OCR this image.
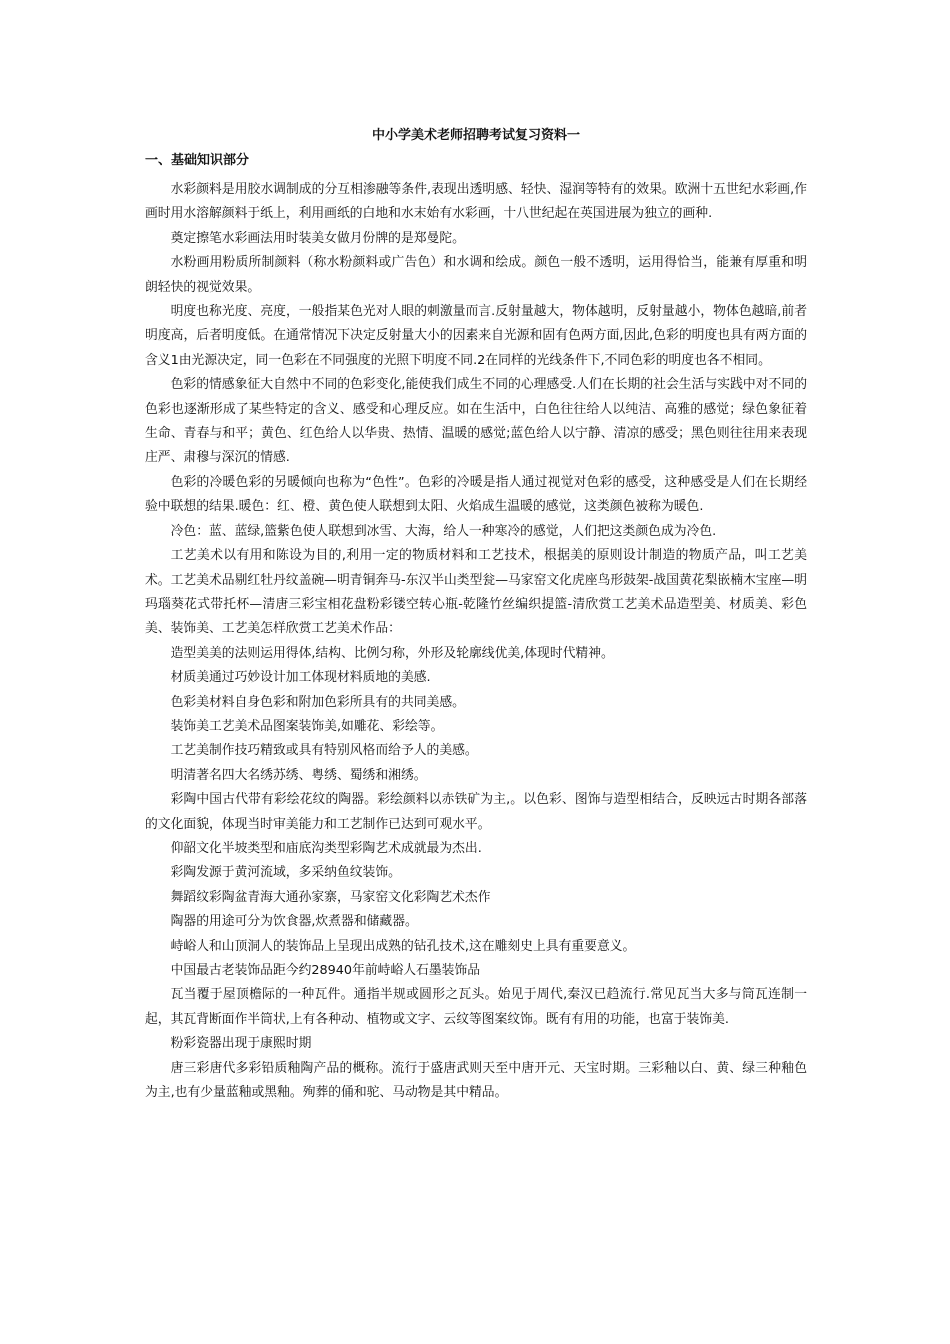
中小学美术老师招聘考试复习资料一
一、基础知识部分

水彩颜料是用胶水调制成的分互相渗融等条件,表现出透明感、轻快、湿润等特有的效果。欧洲十五世纪水彩画,作画时用水溶解颜料于纸上，利用画纸的白地和水末始有水彩画，十八世纪起在英国进展为独立的画种.

奠定擦笔水彩画法用时装美女做月份牌的是郑曼陀。

水粉画用粉质所制颜料（称水粉颜料或广告色）和水调和绘成。颜色一般不透明，运用得恰当，能兼有厚重和明朗轻快的视觉效果。

明度也称光度、亮度，一般指某色光对人眼的刺激量而言.反射量越大，物体越明，反射量越小，物体色越暗,前者明度高，后者明度低。在通常情况下决定反射量大小的因素来自光源和固有色两方面,因此,色彩的明度也具有两方面的含义1由光源决定，同一色彩在不同强度的光照下明度不同.2在同样的光线条件下,不同色彩的明度也各不相同。

色彩的情感象征大自然中不同的色彩变化,能使我们成生不同的心理感受.人们在长期的社会生活与实践中对不同的色彩也逐渐形成了某些特定的含义、感受和心理反应。如在生活中，白色往往给人以纯洁、高雅的感觉；绿色象征着生命、青春与和平；黄色、红色给人以华贵、热情、温暖的感觉;蓝色给人以宁静、清凉的感受；黑色则往往用来表现庄严、肃穆与深沉的情感.

色彩的冷暖色彩的另暖倾向也称为“色性”。色彩的冷暖是指人通过视觉对色彩的感受，这种感受是人们在长期经验中联想的结果.暖色：红、橙、黄色使人联想到太阳、火焰成生温暖的感觉，这类颜色被称为暖色.

冷色：蓝、蓝绿,篮紫色使人联想到冰雪、大海，给人一种寒冷的感觉，人们把这类颜色成为冷色.

工艺美术以有用和陈设为目的,利用一定的物质材料和工艺技术，根据美的原则设计制造的物质产品，叫工艺美术。工艺美术品剔红牡丹纹盖碗—明青铜奔马-东汉半山类型瓮—马家窑文化虎座鸟形鼓架-战国黄花梨嵌楠木宝座—明玛瑙葵花式带托杯—清唐三彩宝相花盘粉彩镂空转心瓶-乾隆竹丝编织提篮-清欣赏工艺美术品造型美、材质美、彩色美、装饰美、工艺美怎样欣赏工艺美术作品：

造型美美的法则运用得体,结构、比例匀称，外形及轮廓线优美,体现时代精神。

材质美通过巧妙设计加工体现材料质地的美感.

色彩美材料自身色彩和附加色彩所具有的共同美感。

装饰美工艺美术品图案装饰美,如雕花、彩绘等。

工艺美制作技巧精致或具有特别风格而给予人的美感。

明清著名四大名绣苏绣、粤绣、蜀绣和湘绣。

彩陶中国古代带有彩绘花纹的陶器。彩绘颜料以赤铁矿为主,。以色彩、图饰与造型相结合，反映远古时期各部落的文化面貌，体现当时审美能力和工艺制作已达到可观水平。

仰韶文化半坡类型和庙底沟类型彩陶艺术成就最为杰出.

彩陶发源于黄河流域，多采纳鱼纹装饰。

舞蹈纹彩陶盆青海大通孙家寨，马家窑文化彩陶艺术杰作

陶器的用途可分为饮食器,炊煮器和储藏器。

峙峪人和山顶洞人的装饰品上呈现出成熟的钻孔技术,这在雕刻史上具有重要意义。

中国最古老装饰品距今约28940年前峙峪人石墨装饰品

瓦当覆于屋顶檐际的一种瓦件。通指半规或圆形之瓦头。始见于周代,秦汉已趋流行.常见瓦当大多与筒瓦连制一起，其瓦背断面作半筒状,上有各种动、植物或文字、云纹等图案纹饰。既有有用的功能，也富于装饰美.

粉彩瓷器出现于康熙时期

唐三彩唐代多彩铅质釉陶产品的概称。流行于盛唐武则天至中唐开元、天宝时期。三彩釉以白、黄、绿三种釉色为主,也有少量蓝釉或黑釉。殉葬的俑和驼、马动物是其中精品。
